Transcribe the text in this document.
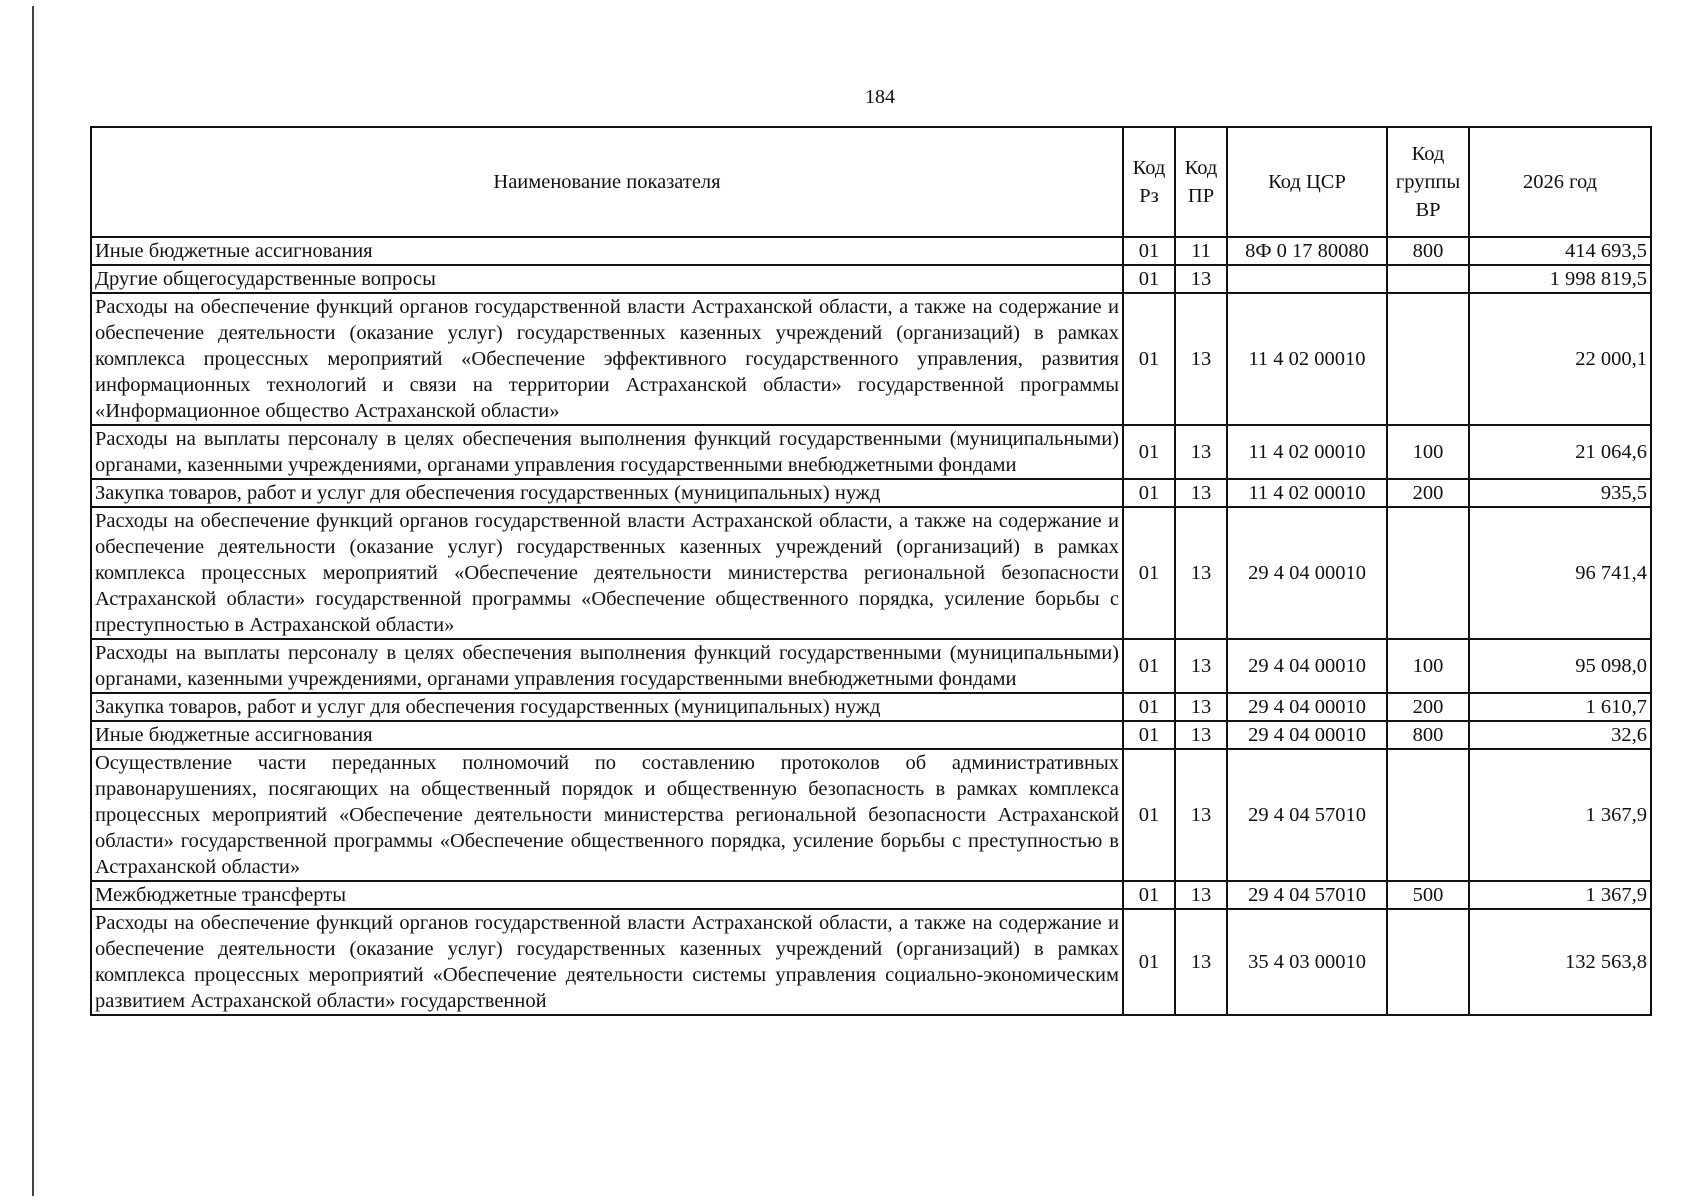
184
Наименование показателя	Код Рз	Код ПР	Код ЦСР	Код группы ВР	2026 год
Иные бюджетные ассигнования	01	11	8Ф 0 17 80080	800	414 693,5
Другие общегосударственные вопросы	01	13			1 998 819,5
Расходы на обеспечение функций органов государственной власти Астраханской области, а также на содержание и обеспечение деятельности (оказание услуг) государственных казенных учреждений (организаций) в рамках комплекса процессных мероприятий «Обеспечение эффективного государственного управления, развития информационных технологий и связи на территории Астраханской области» государственной программы «Информационное общество Астраханской области»	01	13	11 4 02 00010		22 000,1
Расходы на выплаты персоналу в целях обеспечения выполнения функций государственными (муниципальными) органами, казенными учреждениями, органами управления государственными внебюджетными фондами	01	13	11 4 02 00010	100	21 064,6
Закупка товаров, работ и услуг для обеспечения государственных (муниципальных) нужд	01	13	11 4 02 00010	200	935,5
Расходы на обеспечение функций органов государственной власти Астраханской области, а также на содержание и обеспечение деятельности (оказание услуг) государственных казенных учреждений (организаций) в рамках комплекса процессных мероприятий «Обеспечение деятельности министерства региональной безопасности Астраханской области» государственной программы «Обеспечение общественного порядка, усиление борьбы с преступностью в Астраханской области»	01	13	29 4 04 00010		96 741,4
Расходы на выплаты персоналу в целях обеспечения выполнения функций государственными (муниципальными) органами, казенными учреждениями, органами управления государственными внебюджетными фондами	01	13	29 4 04 00010	100	95 098,0
Закупка товаров, работ и услуг для обеспечения государственных (муниципальных) нужд	01	13	29 4 04 00010	200	1 610,7
Иные бюджетные ассигнования	01	13	29 4 04 00010	800	32,6
Осуществление части переданных полномочий по составлению протоколов об административных правонарушениях, посягающих на общественный порядок и общественную безопасность в рамках комплекса процессных мероприятий «Обеспечение деятельности министерства региональной безопасности Астраханской области» государственной программы «Обеспечение общественного порядка, усиление борьбы с преступностью в Астраханской области»	01	13	29 4 04 57010		1 367,9
Межбюджетные трансферты	01	13	29 4 04 57010	500	1 367,9
Расходы на обеспечение функций органов государственной власти Астраханской области, а также на содержание и обеспечение деятельности (оказание услуг) государственных казенных учреждений (организаций) в рамках комплекса процессных мероприятий «Обеспечение деятельности системы управления социально-экономическим развитием Астраханской области» государственной	01	13	35 4 03 00010		132 563,8
